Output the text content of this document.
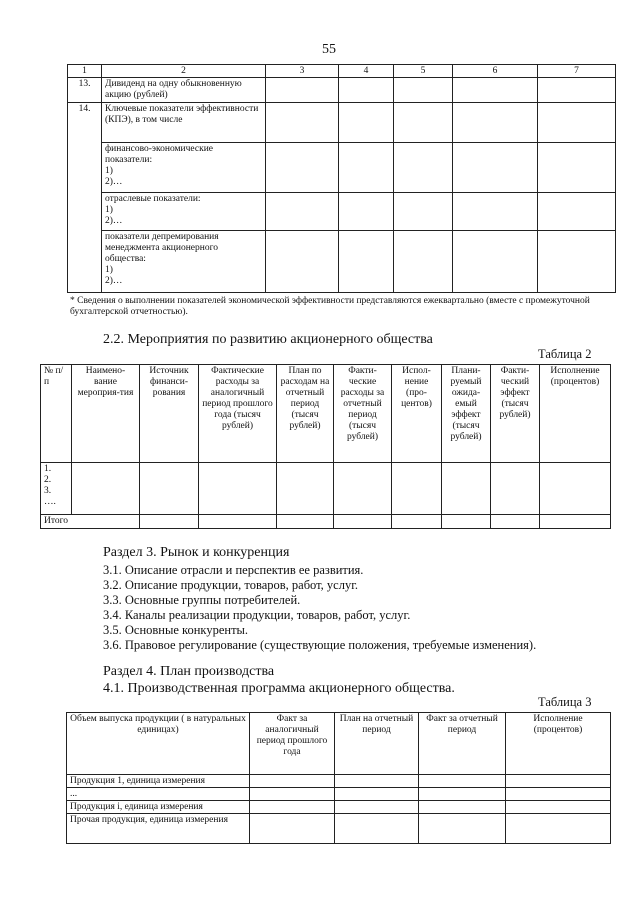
55
1	2	3	4	5	6	7
13.	Дивиденд на одну обыкновенную акцию (рублей)					
14.	Ключевые показатели эффективности (КПЭ), в том числе					

	финансово-экономические
показатели:
1)
2)…					

	отраслевые показатели:
1)
2)…					

	показатели депремирования
менеджмента акционерного
общества:
1)
2)…					

* Сведения о выполнении показателей экономической эффективности представляются ежеквартально (вместе с промежуточной бухгалтерской отчетностью).
2.2. Мероприятия по развитию акционерного общества
Таблица 2
№ п/п	Наимено-вание мероприя-тия	Источник финанси-рования	Фактические расходы за аналогичный период прошлого года (тысяч рублей)	План по расходам на отчетный период (тысяч рублей)	Факти-ческие расходы за отчетный период (тысяч рублей)	Испол-нение (про-центов)	Плани-руемый ожида-емый эффект (тысяч рублей)	Факти-ческий эффект (тысяч рублей)	Исполнение (процентов)

1.
2.
3.
….									

Итого									
Раздел 3. Рынок и конкуренция
3.1. Описание отрасли и перспектив ее развития.
3.2. Описание продукции, товаров, работ, услуг.
3.3. Основные группы потребителей.
3.4. Каналы реализации продукции, товаров, работ, услуг.
3.5. Основные конкуренты.
3.6. Правовое регулирование (существующие положения, требуемые изменения).
Раздел 4. План производства
4.1. Производственная программа акционерного общества.
Таблица 3
Объем выпуска продукции ( в натуральных единицах)	Факт за аналогичный период прошлого года	План на отчетный период	Факт за отчетный период	Исполнение (процентов)
Продукция 1, единица измерения				
...				
Продукция i, единица измерения				
Прочая продукция, единица измерения				
